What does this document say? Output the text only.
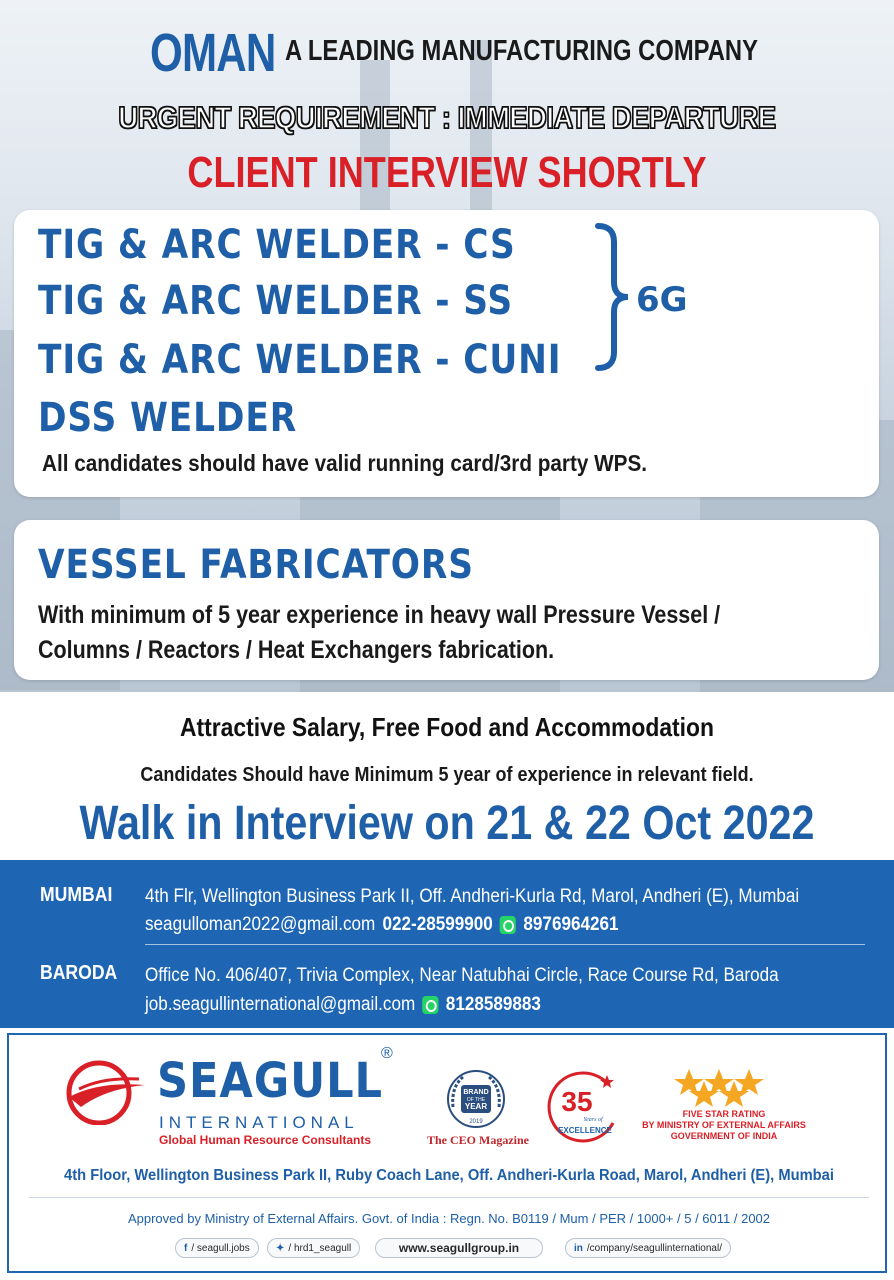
OMAN A LEADING MANUFACTURING COMPANY
URGENT REQUIREMENT : IMMEDIATE DEPARTURE
CLIENT INTERVIEW SHORTLY
TIG & ARC WELDER - CS
TIG & ARC WELDER - SS
TIG & ARC WELDER - CUNI
DSS WELDER
6G
All candidates should have valid running card/3rd party WPS.
VESSEL FABRICATORS
With minimum of 5 year experience in heavy wall Pressure Vessel /
Columns / Reactors / Heat Exchangers fabrication.
Attractive Salary, Free Food and Accommodation
Candidates Should have Minimum 5 year of experience in relevant field.
Walk in Interview on 21 & 22 Oct 2022
MUMBAI 4th Flr, Wellington Business Park II, Off. Andheri-Kurla Rd, Marol, Andheri (E), Mumbai
seagulloman2022@gmail.com 022-28599900 8976964261
BARODA Office No. 406/407, Trivia Complex, Near Natubhai Circle, Race Course Rd, Baroda
job.seagullinternational@gmail.com 8128589883
SEAGULL
®
INTERNATIONAL
Global Human Resource Consultants
BRAND
OF THE
YEAR
2019
The CEO Magazine
35
Years of
EXCELLENCE
FIVE STAR RATING
BY MINISTRY OF EXTERNAL AFFAIRS
GOVERNMENT OF INDIA
4th Floor, Wellington Business Park II, Ruby Coach Lane, Off. Andheri-Kurla Road, Marol, Andheri (E), Mumbai
Approved by Ministry of External Affairs. Govt. of India : Regn. No. B0119 / Mum / PER / 1000+ / 5 / 6011 / 2002
f / seagull.jobs	✦ / hrd1_seagull	www.seagullgroup.in	in /company/seagullinternational/
